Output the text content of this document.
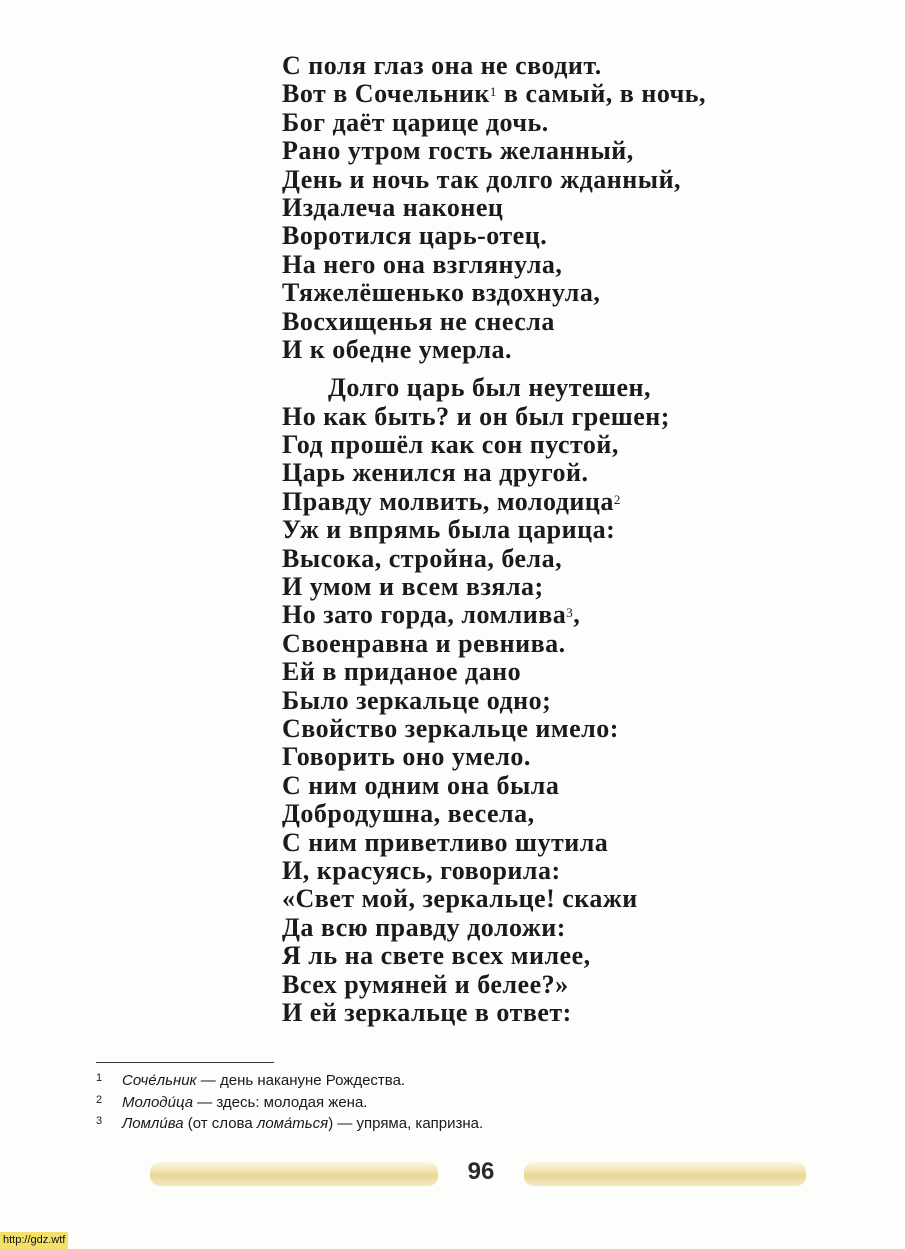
С поля глаз она не сводит.
Вот в Сочельник$^1$ в самый, в ночь,
Бог даёт царице дочь.
Рано утром гость желанный,
День и ночь так долго жданный,
Издалеча наконец
Воротился царь-отец.
На него она взглянула,
Тяжелёшенько вздохнула,
Восхищенья не снесла
И к обедне умерла.
Долго царь был неутешен,
Но как быть? и он был грешен;
Год прошёл как сон пустой,
Царь женился на другой.
Правду молвить, молодица$^2$
Уж и впрямь была царица:
Высока, стройна, бела,
И умом и всем взяла;
Но зато горда, ломлива$^3$,
Своенравна и ревнива.
Ей в приданое дано
Было зеркальце одно;
Свойство зеркальце имело:
Говорить оно умело.
С ним одним она была
Добродушна, весела,
С ним приветливо шутила
И, красуясь, говорила:
«Свет мой, зеркальце! скажи
Да всю правду доложи:
Я ль на свете всех милее,
Всех румяней и белее?»
И ей зеркальце в ответ:
1 Соче́льник — день накануне Рождества.
2 Молоди́ца — здесь: молодая жена.
3 Ломли́ва (от слова лома́ться) — упряма, капризна.
96
http://gdz.wtf
